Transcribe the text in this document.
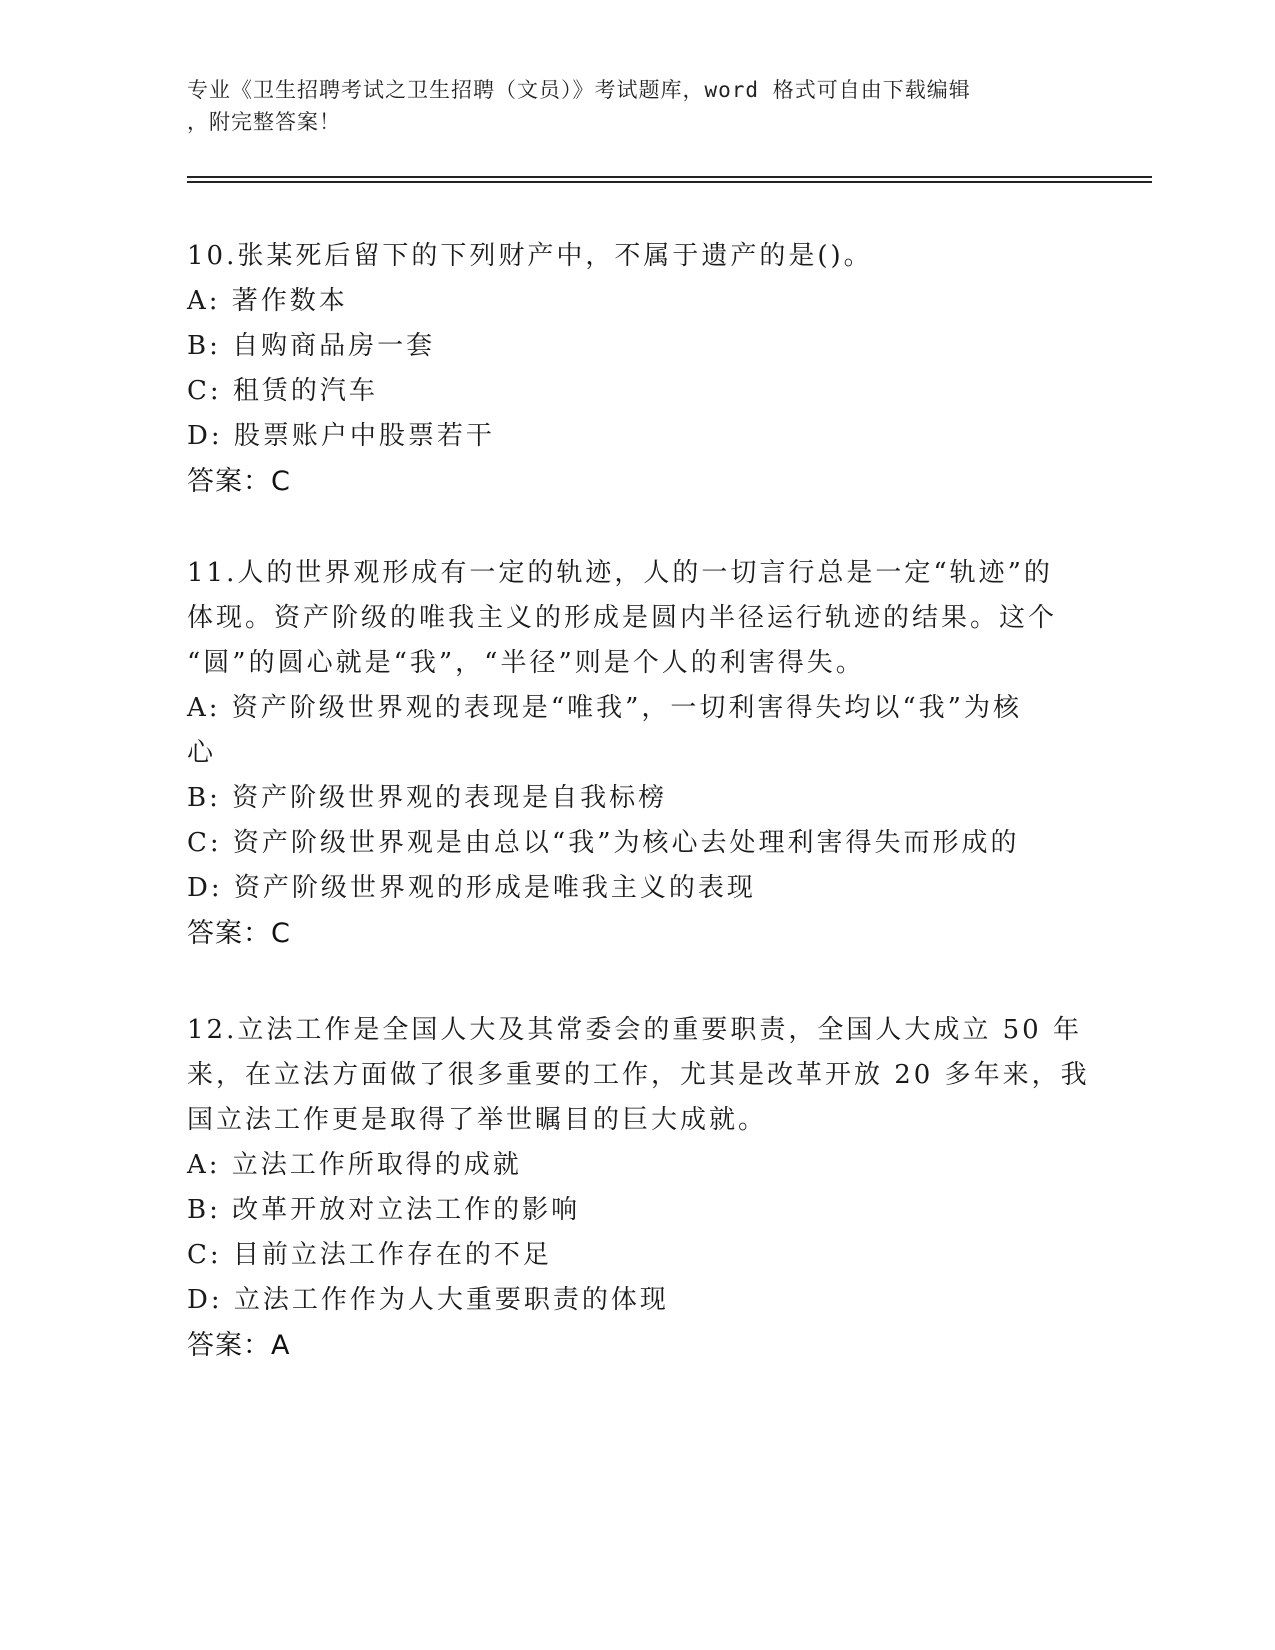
专业《卫生招聘考试之卫生招聘（文员）》考试题库，word 格式可自由下载编辑
，附完整答案！
10.张某死后留下的下列财产中，不属于遗产的是()。
A: 著作数本
B: 自购商品房一套
C: 租赁的汽车
D: 股票账户中股票若干
答案：C
11.人的世界观形成有一定的轨迹，人的一切言行总是一定“轨迹”的
体现。资产阶级的唯我主义的形成是圆内半径运行轨迹的结果。这个
“圆”的圆心就是“我”，“半径”则是个人的利害得失。
A: 资产阶级世界观的表现是“唯我”，一切利害得失均以“我”为核
心
B: 资产阶级世界观的表现是自我标榜
C: 资产阶级世界观是由总以“我”为核心去处理利害得失而形成的
D: 资产阶级世界观的形成是唯我主义的表现
答案：C
12.立法工作是全国人大及其常委会的重要职责，全国人大成立 50 年
来，在立法方面做了很多重要的工作，尤其是改革开放 20 多年来，我
国立法工作更是取得了举世瞩目的巨大成就。
A: 立法工作所取得的成就
B: 改革开放对立法工作的影响
C: 目前立法工作存在的不足
D: 立法工作作为人大重要职责的体现
答案：A
